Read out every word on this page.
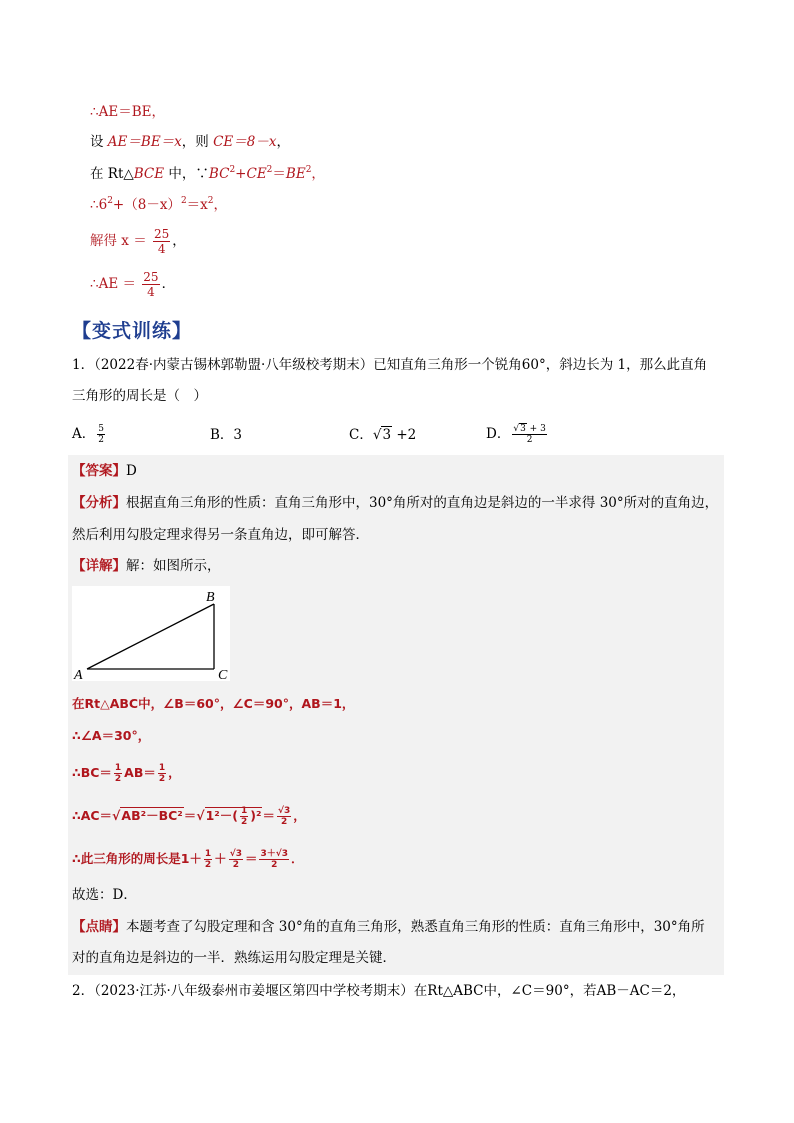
∴AE＝BE，
设 AE＝BE＝x，则 CE＝8－x，
在 Rt△BCE 中，$\because BC^2+CE^2=BE^2$，
$\therefore 6^2+(8-x)^2=x^2$，
解得 $x = \frac{25}{4}$ ，
∴AE ＝ $\frac{25}{4}$ ．
【变式训练】
1．（2022春·内蒙古锡林郭勒盟·八年级校考期末）已知直角三角形一个锐角60°，斜边长为 1，那么此直角
三角形的周长是（　）
A． $\frac{5}{2}$	B．3	C．√3 +2	D． $\frac{√3 + 3}{2}$
【答案】D
【分析】根据直角三角形的性质：直角三角形中，30°角所对的直角边是斜边的一半求得 30°所对的直角边，
然后利用勾股定理求得另一条直角边，即可解答．
【详解】解：如图所示，
A
B
C
在Rt△ABC中，∠B＝60°，∠C＝90°，AB＝1，
∴∠A＝30°，
∴BC＝ $\frac{1}{2} AB= \frac{1}{2}$ ，
∴AC＝√AB²－BC²＝√1²－( $\frac{1}{2} )^2= \frac{√3}{2}$ ，
∴此三角形的周长是$1+ \frac{1}{2} + \frac{√3}{2} = \frac{3+√3}{2}$ ．
故选：D．
【点睛】本题考查了勾股定理和含 30°角的直角三角形，熟悉直角三角形的性质：直角三角形中，30°角所
对的直角边是斜边的一半．熟练运用勾股定理是关键．
2．（2023·江苏·八年级泰州市姜堰区第四中学校考期末）在Rt△ABC中，∠C＝90°，若AB－AC＝2，
